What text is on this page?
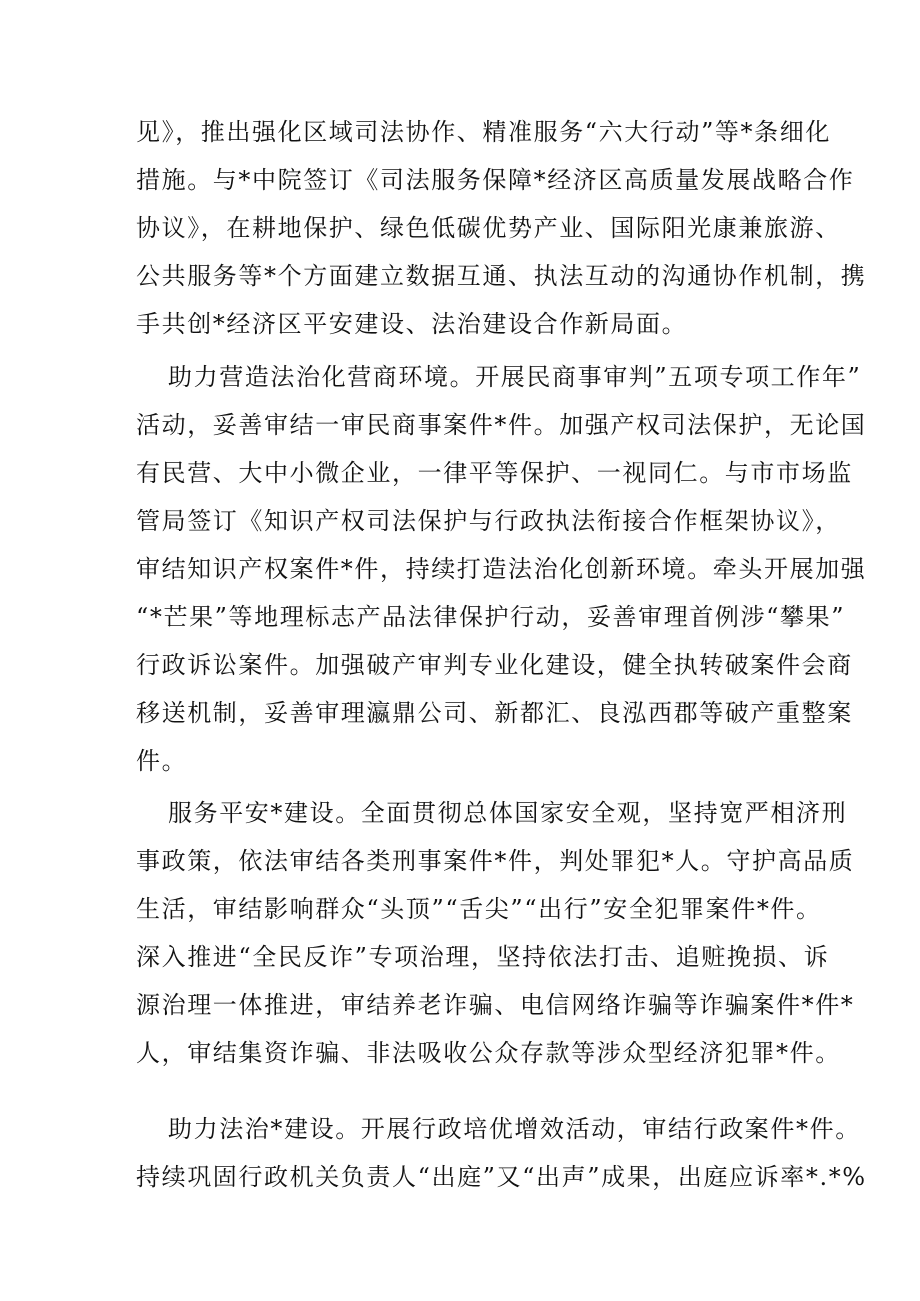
见》，推出强化区域司法协作、精准服务“六大行动”等*条细化
措施。与*中院签订《司法服务保障*经济区高质量发展战略合作
协议》，在耕地保护、绿色低碳优势产业、国际阳光康兼旅游、
公共服务等*个方面建立数据互通、执法互动的沟通协作机制，携
手共创*经济区平安建设、法治建设合作新局面。
助力营造法治化营商环境。开展民商事审判”五项专项工作年”
活动，妥善审结一审民商事案件*件。加强产权司法保护，无论国
有民营、大中小微企业，一律平等保护、一视同仁。与市市场监
管局签订《知识产权司法保护与行政执法衔接合作框架协议》，
审结知识产权案件*件，持续打造法治化创新环境。牵头开展加强
“*芒果”等地理标志产品法律保护行动，妥善审理首例涉“攀果”
行政诉讼案件。加强破产审判专业化建设，健全执转破案件会商
移送机制，妥善审理瀛鼎公司、新都汇、良泓西郡等破产重整案
件。
服务平安*建设。全面贯彻总体国家安全观，坚持宽严相济刑
事政策，依法审结各类刑事案件*件，判处罪犯*人。守护高品质
生活，审结影响群众“头顶”“舌尖”“出行”安全犯罪案件*件。
深入推进“全民反诈”专项治理，坚持依法打击、追赃挽损、诉
源治理一体推进，审结养老诈骗、电信网络诈骗等诈骗案件*件*
人，审结集资诈骗、非法吸收公众存款等涉众型经济犯罪*件。
助力法治*建设。开展行政培优增效活动，审结行政案件*件。
持续巩固行政机关负责人“出庭”又“出声”成果，出庭应诉率*.*%
